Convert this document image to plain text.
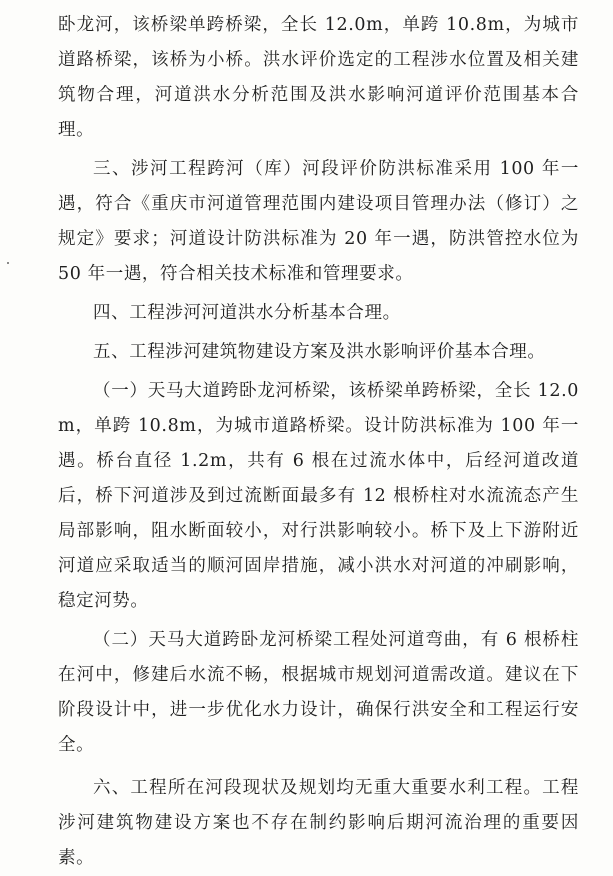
卧龙河，该桥梁单跨桥梁，全长 12.0m，单跨 10.8m，为城市道路桥梁，该桥为小桥。洪水评价选定的工程涉水位置及相关建筑物合理，河道洪水分析范围及洪水影响河道评价范围基本合理。

三、涉河工程跨河（库）河段评价防洪标准采用 100 年一遇，符合《重庆市河道管理范围内建设项目管理办法（修订）之规定》要求；河道设计防洪标准为 20 年一遇，防洪管控水位为 50 年一遇，符合相关技术标准和管理要求。

四、工程涉河河道洪水分析基本合理。

五、工程涉河建筑物建设方案及洪水影响评价基本合理。

（一）天马大道跨卧龙河桥梁，该桥梁单跨桥梁，全长 12.0m，单跨 10.8m，为城市道路桥梁。设计防洪标准为 100 年一遇。桥台直径 1.2m，共有 6 根在过流水体中，后经河道改道后，桥下河道涉及到过流断面最多有 12 根桥柱对水流流态产生局部影响，阻水断面较小，对行洪影响较小。桥下及上下游附近河道应采取适当的顺河固岸措施，减小洪水对河道的冲刷影响，稳定河势。

（二）天马大道跨卧龙河桥梁工程处河道弯曲，有 6 根桥柱在河中，修建后水流不畅，根据城市规划河道需改道。建议在下阶段设计中，进一步优化水力设计，确保行洪安全和工程运行安全。

六、工程所在河段现状及规划均无重大重要水利工程。工程涉河建筑物建设方案也不存在制约影响后期河流治理的重要因素。
